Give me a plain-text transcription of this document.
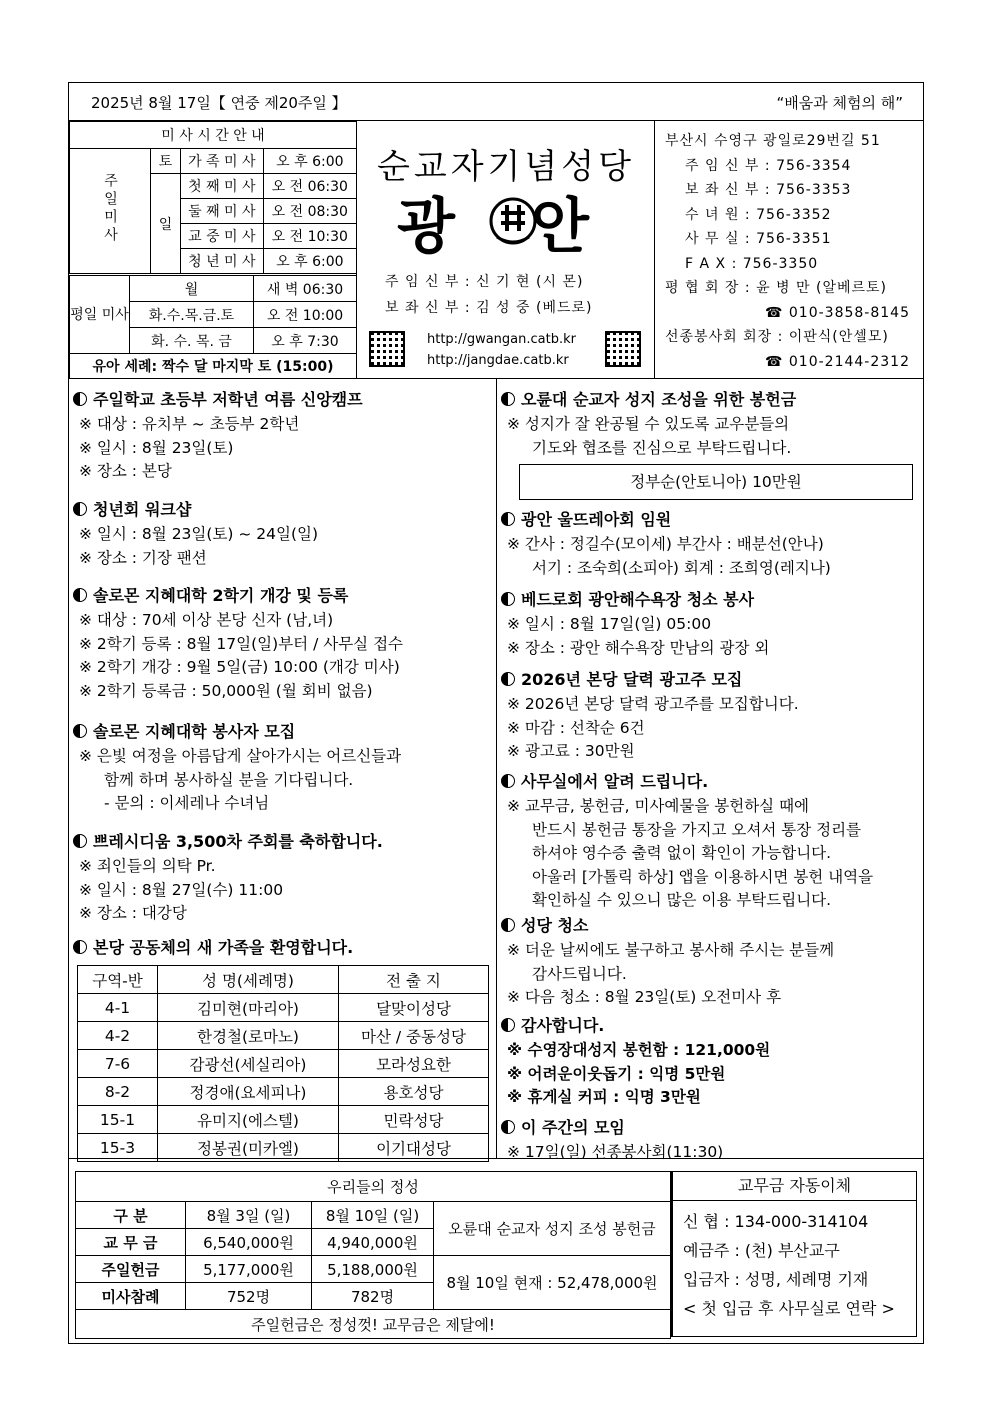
2025년 8월 17일【 연중 제20주일 】	“배움과 체험의 해”
미 사 시 간 안 내			
주일미사	토	가 족 미 사	오 후 6:00
	일	첫 째 미 사	오 전 06:30
		둘 째 미 사	오 전 08:30
		교 중 미 사	오 전 10:30
		청 년 미 사	오 후 6:00
평일 미사	월	새 벽 06:30
	화.수.목.금.토	오 전 10:00
	화. 수. 목. 금	오 후 7:30
유아 세례: 짝수 달 마지막 토 (15:00)		
순교자기념성당
광 안
주 임 신 부 : 신 기 현 (시 몬)
보 좌 신 부 : 김 성 중 (베드로)
http://gwangan.catb.kr
http://jangdae.catb.kr
부산시 수영구 광일로29번길 51
주 임 신 부 : 756-3354
보 좌 신 부 : 756-3353
수 녀 원 : 756-3352
사 무 실 : 756-3351
F A X : 756-3350
평 협 회 장 : 윤 병 만 (알베르토)
☎ 010-3858-8145
선종봉사회 회장 : 이판식(안셀모)
☎ 010-2144-2312
주일학교 초등부 저학년 여름 신앙캠프
※ 대상 : 유치부 ~ 초등부 2학년
※ 일시 : 8월 23일(토)
※ 장소 : 본당
청년회 워크샵
※ 일시 : 8월 23일(토) ~ 24일(일)
※ 장소 : 기장 팬션
솔로몬 지혜대학 2학기 개강 및 등록
※ 대상 : 70세 이상 본당 신자 (남,녀)
※ 2학기 등록 : 8월 17일(일)부터 / 사무실 접수
※ 2학기 개강 : 9월 5일(금) 10:00 (개강 미사)
※ 2학기 등록금 : 50,000원 (월 회비 없음)
솔로몬 지혜대학 봉사자 모집
※ 은빛 여정을 아름답게 살아가시는 어르신들과
함께 하며 봉사하실 분을 기다립니다.
- 문의 : 이세레나 수녀님
쁘레시디움 3,500차 주회를 축하합니다.
※ 죄인들의 의탁 Pr.
※ 일시 : 8월 27일(수) 11:00
※ 장소 : 대강당
본당 공동체의 새 가족을 환영합니다.
구역-반	성 명(세례명)	전 출 지
4-1	김미현(마리아)	달맞이성당
4-2	한경철(로마노)	마산 / 중동성당
7-6	감광선(세실리아)	모라성요한
8-2	정경애(요세피나)	용호성당
15-1	유미지(에스텔)	민락성당
15-3	정봉권(미카엘)	이기대성당
오륜대 순교자 성지 조성을 위한 봉헌금
※ 성지가 잘 완공될 수 있도록 교우분들의
기도와 협조를 진심으로 부탁드립니다.
정부순(안토니아) 10만원
광안 울뜨레아회 임원
※ 간사 : 정길수(모이세) 부간사 : 배분선(안나)
서기 : 조숙희(소피아) 회계 : 조희영(레지나)
베드로회 광안해수욕장 청소 봉사
※ 일시 : 8월 17일(일) 05:00
※ 장소 : 광안 해수욕장 만남의 광장 외
2026년 본당 달력 광고주 모집
※ 2026년 본당 달력 광고주를 모집합니다.
※ 마감 : 선착순 6건
※ 광고료 : 30만원
사무실에서 알려 드립니다.
※ 교무금, 봉헌금, 미사예물을 봉헌하실 때에
반드시 봉헌금 통장을 가지고 오셔서 통장 정리를
하셔야 영수증 출력 없이 확인이 가능합니다.
아울러 [가톨릭 하상] 앱을 이용하시면 봉헌 내역을
확인하실 수 있으니 많은 이용 부탁드립니다.
성당 청소
※ 더운 날씨에도 불구하고 봉사해 주시는 분들께
감사드립니다.
※ 다음 청소 : 8월 23일(토) 오전미사 후
감사합니다.
※ 수영장대성지 봉헌함 : 121,000원
※ 어려운이웃돕기 : 익명 5만원
※ 휴게실 커피 : 익명 3만원
이 주간의 모임
※ 17일(일) 선종봉사회(11:30)
우리들의 정성			
구 분	8월 3일 (일)	8월 10일 (일)	오륜대 순교자 성지 조성 봉헌금
교 무 금	6,540,000원	4,940,000원	
주일헌금	5,177,000원	5,188,000원	8월 10일 현재 : 52,478,000원
미사참례	752명	782명	
주일헌금은 정성껏! 교무금은 제달에!			
교무금 자동이체
신 협 : 134-000-314104
예금주 : (천) 부산교구
입금자 : 성명, 세례명 기재
< 첫 입금 후 사무실로 연락 >
